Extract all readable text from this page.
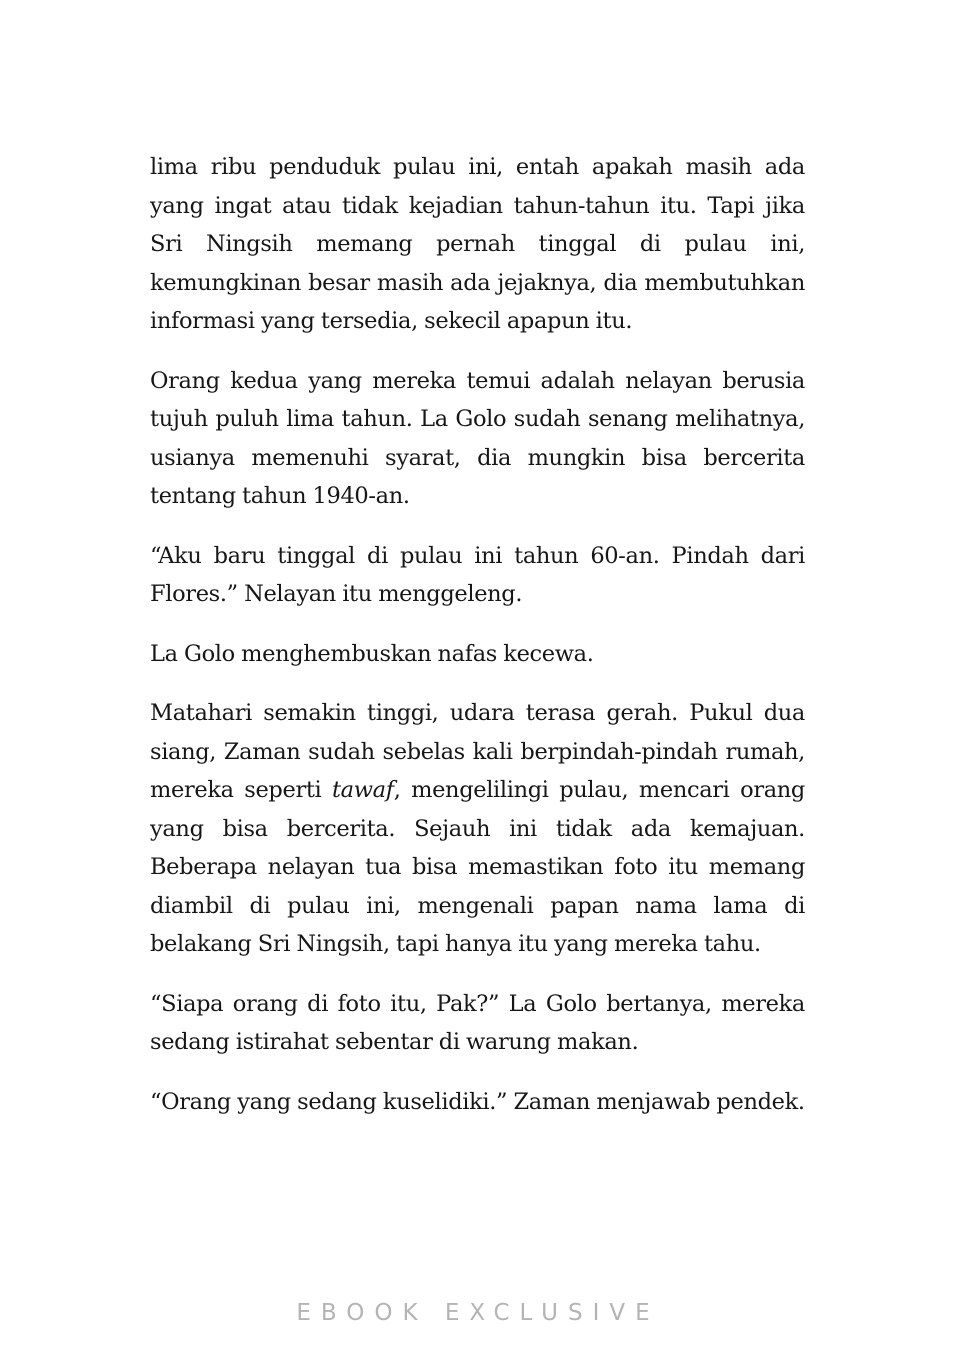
lima ribu penduduk pulau ini, entah apakah masih ada yang ingat atau tidak kejadian tahun-tahun itu. Tapi jika Sri Ningsih memang pernah tinggal di pulau ini, kemungkinan besar masih ada jejaknya, dia membutuhkan informasi yang tersedia, sekecil apapun itu.

Orang kedua yang mereka temui adalah nelayan berusia tujuh puluh lima tahun. La Golo sudah senang melihatnya, usianya memenuhi syarat, dia mungkin bisa bercerita tentang tahun 1940-an.

“Aku baru tinggal di pulau ini tahun 60-an. Pindah dari Flores.” Nelayan itu menggeleng.

La Golo menghembuskan nafas kecewa.

Matahari semakin tinggi, udara terasa gerah. Pukul dua siang, Zaman sudah sebelas kali berpindah-pindah rumah, mereka seperti tawaf, mengelilingi pulau, mencari orang yang bisa bercerita. Sejauh ini tidak ada kemajuan. Beberapa nelayan tua bisa memastikan foto itu memang diambil di pulau ini, mengenali papan nama lama di belakang Sri Ningsih, tapi hanya itu yang mereka tahu.

“Siapa orang di foto itu, Pak?” La Golo bertanya, mereka sedang istirahat sebentar di warung makan.

“Orang yang sedang kuselidiki.” Zaman menjawab pendek.

EBOOK EXCLUSIVE
